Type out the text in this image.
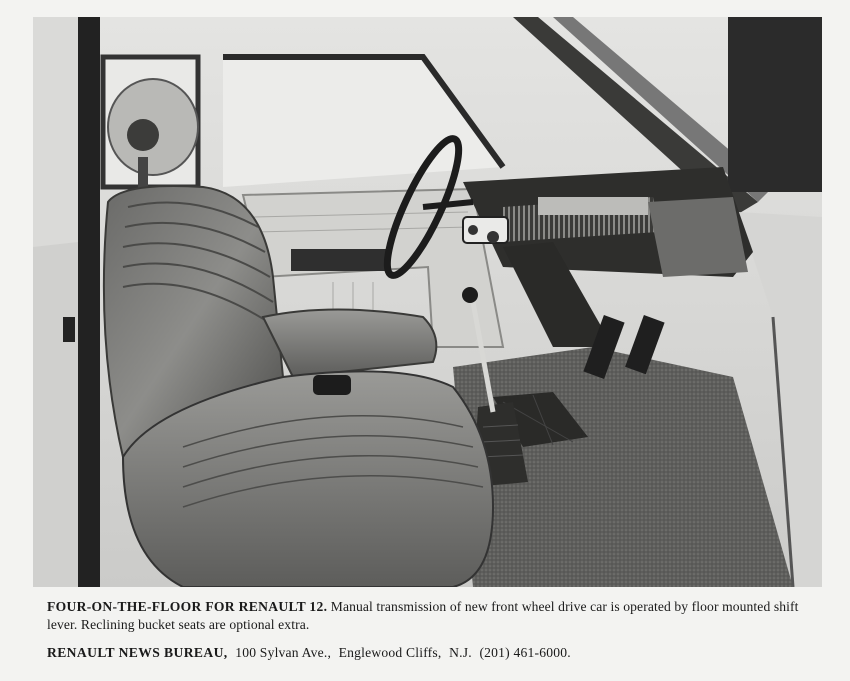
FOUR-ON-THE-FLOOR FOR RENAULT 12. Manual transmission of new front wheel drive car is operated by floor mounted shift lever. Reclining bucket seats are optional extra.
RENAULT NEWS BUREAU, 100 Sylvan Ave., Englewood Cliffs, N.J. (201) 461-6000.
